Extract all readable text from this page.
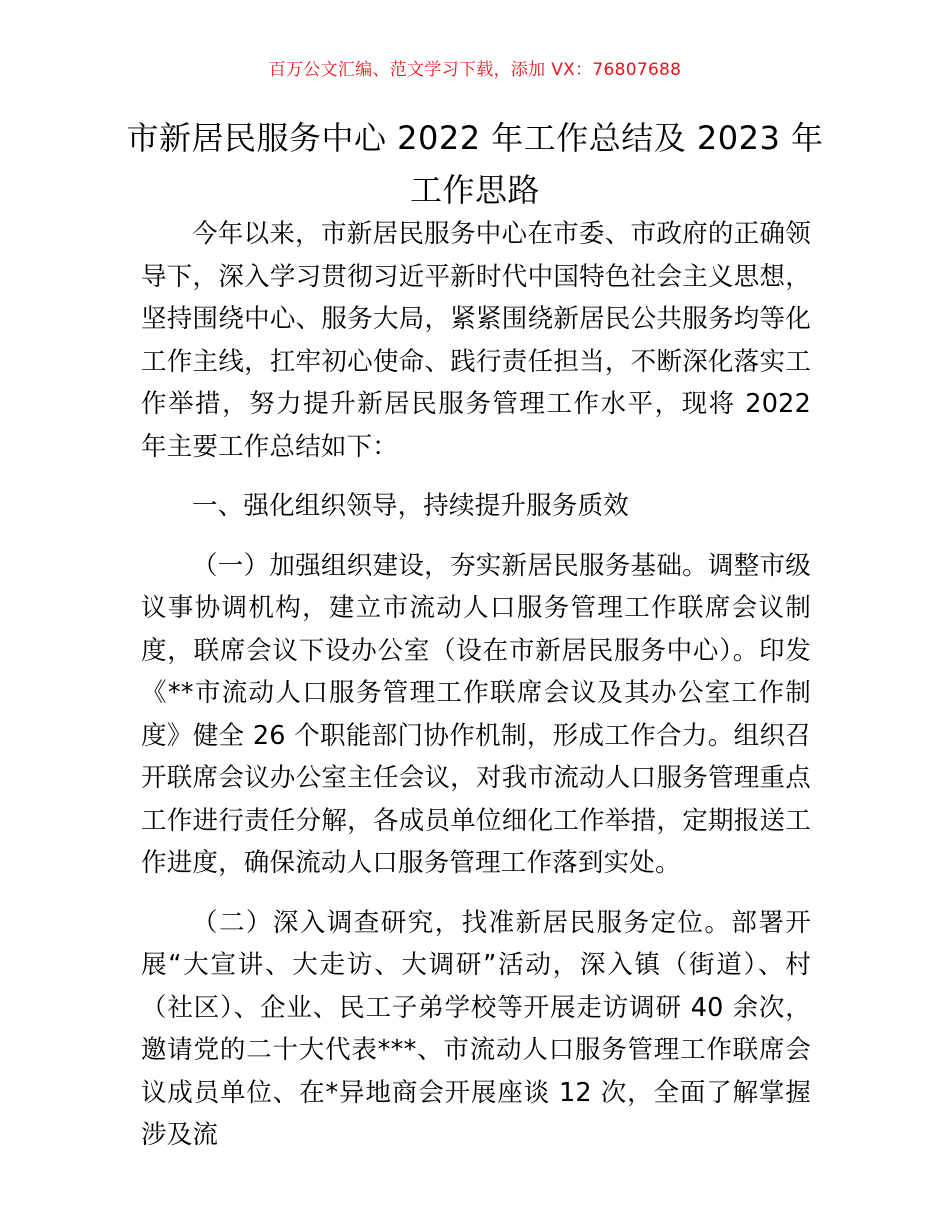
百万公文汇编、范文学习下载，添加 VX：76807688
市新居民服务中心 2022 年工作总结及 2023 年工作思路

今年以来，市新居民服务中心在市委、市政府的正确领导下，深入学习贯彻习近平新时代中国特色社会主义思想，坚持围绕中心、服务大局，紧紧围绕新居民公共服务均等化工作主线，扛牢初心使命、践行责任担当，不断深化落实工作举措，努力提升新居民服务管理工作水平，现将 2022 年主要工作总结如下：

一、强化组织领导，持续提升服务质效

（一）加强组织建设，夯实新居民服务基础。调整市级议事协调机构，建立市流动人口服务管理工作联席会议制度，联席会议下设办公室（设在市新居民服务中心）。印发《**市流动人口服务管理工作联席会议及其办公室工作制度》健全 26 个职能部门协作机制，形成工作合力。组织召开联席会议办公室主任会议，对我市流动人口服务管理重点工作进行责任分解，各成员单位细化工作举措，定期报送工作进度，确保流动人口服务管理工作落到实处。

（二）深入调查研究，找准新居民服务定位。部署开展“大宣讲、大走访、大调研”活动，深入镇（街道）、村（社区）、企业、民工子弟学校等开展走访调研 40 余次，邀请党的二十大代表***、市流动人口服务管理工作联席会议成员单位、在*异地商会开展座谈 12 次，全面了解掌握涉及流
